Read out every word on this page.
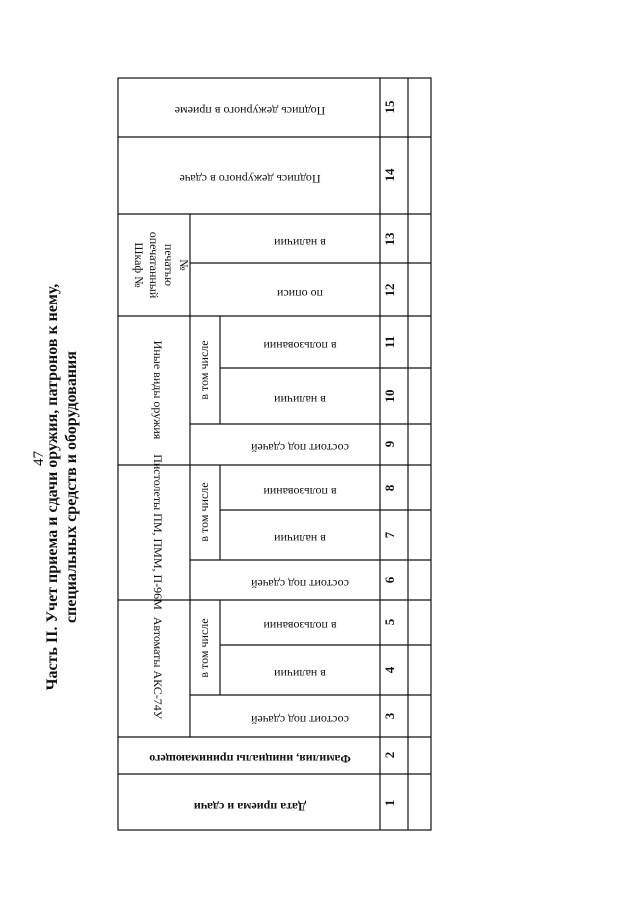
47
Часть II. Учет приема и сдачи оружия, патронов к нему, специальных средств и оборудования
Дата приема и сдачи
Фамилия, инициалы принимающего
Автоматы АКС-74У
Пистолеты ПМ, ПММ, П-96М
Иные виды оружия
Шкаф № опечатанный печатью №
в том числе
в том числе
в том числе
состоит под сдачей
в наличии
в пользовании
состоит под сдачей
в наличии
в пользовании
состоит под сдачей
в наличии
в пользовании
по описи
в наличии
Подпись дежурного в сдаче
Подпись дежурного в приеме
1
2
3
4
5
6
7
8
9
10
11
12
13
14
15
